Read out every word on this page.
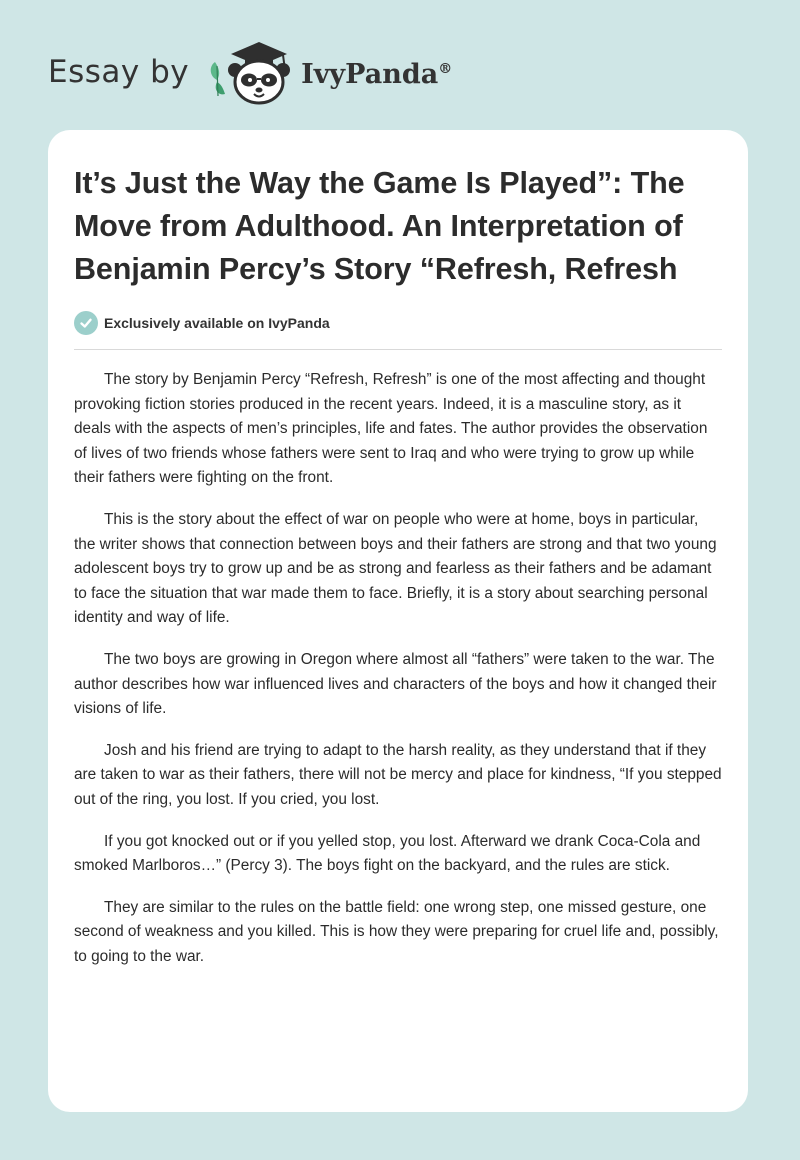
Essay by	IvyPanda®
It’s Just the Way the Game Is Played”: The Move from Adulthood. An Interpretation of Benjamin Percy’s Story “Refresh, Refresh
Exclusively available on IvyPanda

The story by Benjamin Percy “Refresh, Refresh” is one of the most affecting and thought provoking fiction stories produced in the recent years. Indeed, it is a masculine story, as it deals with the aspects of men’s principles, life and fates. The author provides the observation of lives of two friends whose fathers were sent to Iraq and who were trying to grow up while their fathers were fighting on the front.

This is the story about the effect of war on people who were at home, boys in particular, the writer shows that connection between boys and their fathers are strong and that two young adolescent boys try to grow up and be as strong and fearless as their fathers and be adamant to face the situation that war made them to face. Briefly, it is a story about searching personal identity and way of life.

The two boys are growing in Oregon where almost all “fathers” were taken to the war. The author describes how war influenced lives and characters of the boys and how it changed their visions of life.

Josh and his friend are trying to adapt to the harsh reality, as they understand that if they are taken to war as their fathers, there will not be mercy and place for kindness, “If you stepped out of the ring, you lost. If you cried, you lost.

If you got knocked out or if you yelled stop, you lost. Afterward we drank Coca-Cola and smoked Marlboros…” (Percy 3). The boys fight on the backyard, and the rules are stick.

They are similar to the rules on the battle field: one wrong step, one missed gesture, one second of weakness and you killed. This is how they were preparing for cruel life and, possibly, to going to the war.
